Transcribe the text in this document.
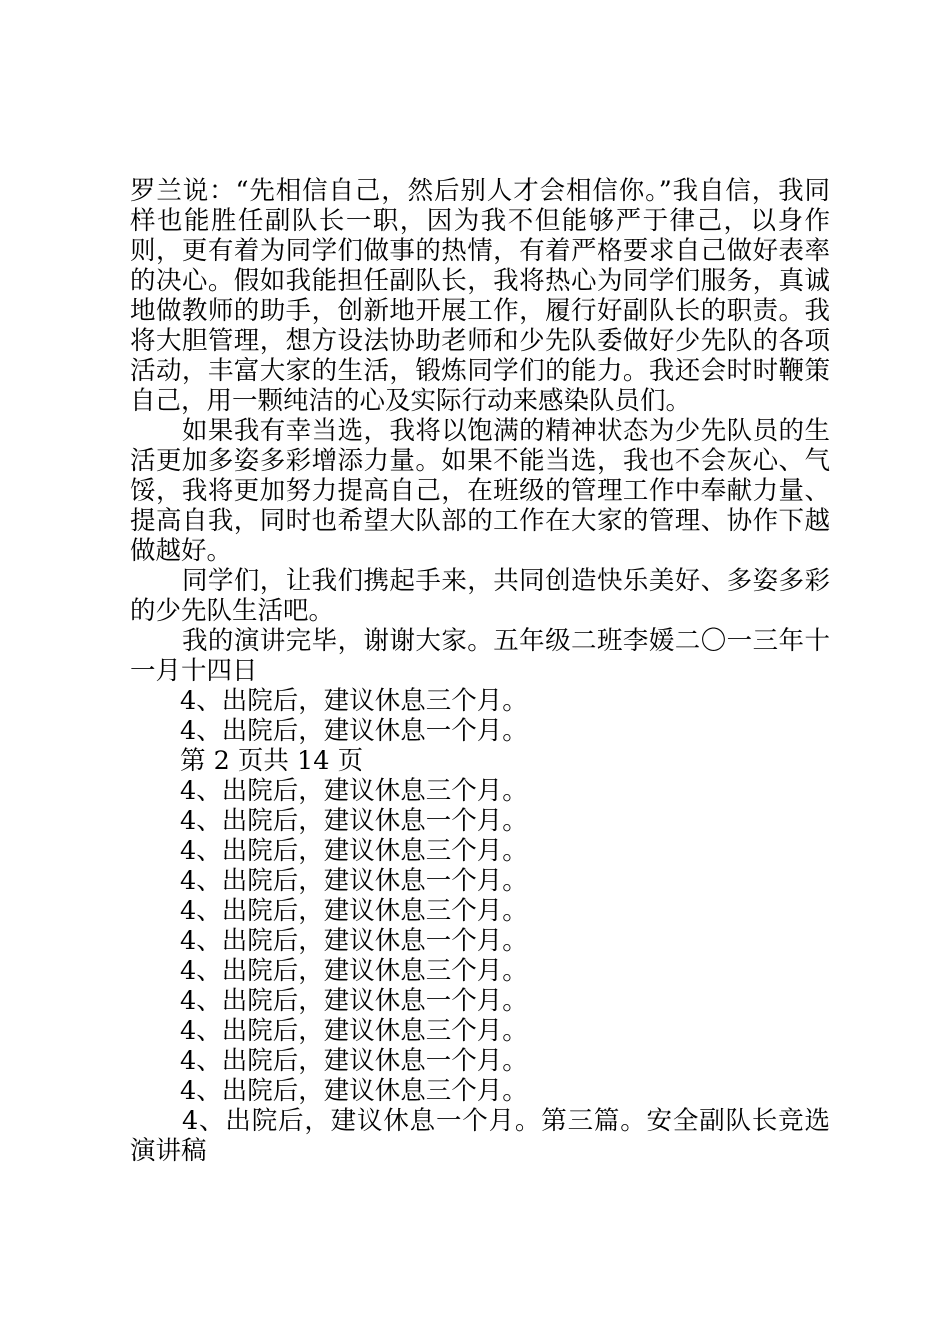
罗兰说：“先相信自己，然后别人才会相信你。”我自信，我同样也能胜任副队长一职，因为我不但能够严于律己，以身作则，更有着为同学们做事的热情，有着严格要求自己做好表率的决心。假如我能担任副队长，我将热心为同学们服务，真诚地做教师的助手，创新地开展工作，履行好副队长的职责。我将大胆管理，想方设法协助老师和少先队委做好少先队的各项活动，丰富大家的生活，锻炼同学们的能力。我还会时时鞭策自己，用一颗纯洁的心及实际行动来感染队员们。

如果我有幸当选，我将以饱满的精神状态为少先队员的生活更加多姿多彩增添力量。如果不能当选，我也不会灰心、气馁，我将更加努力提高自己，在班级的管理工作中奉献力量、提高自我，同时也希望大队部的工作在大家的管理、协作下越做越好。

同学们，让我们携起手来，共同创造快乐美好、多姿多彩的少先队生活吧。

我的演讲完毕，谢谢大家。五年级二班李媛二〇一三年十一月十四日

4、出院后，建议休息三个月。

4、出院后，建议休息一个月。

第 2 页共 14 页

4、出院后，建议休息三个月。

4、出院后，建议休息一个月。

4、出院后，建议休息三个月。

4、出院后，建议休息一个月。

4、出院后，建议休息三个月。

4、出院后，建议休息一个月。

4、出院后，建议休息三个月。

4、出院后，建议休息一个月。

4、出院后，建议休息三个月。

4、出院后，建议休息一个月。

4、出院后，建议休息三个月。

4、出院后，建议休息一个月。第三篇。安全副队长竞选演讲稿
